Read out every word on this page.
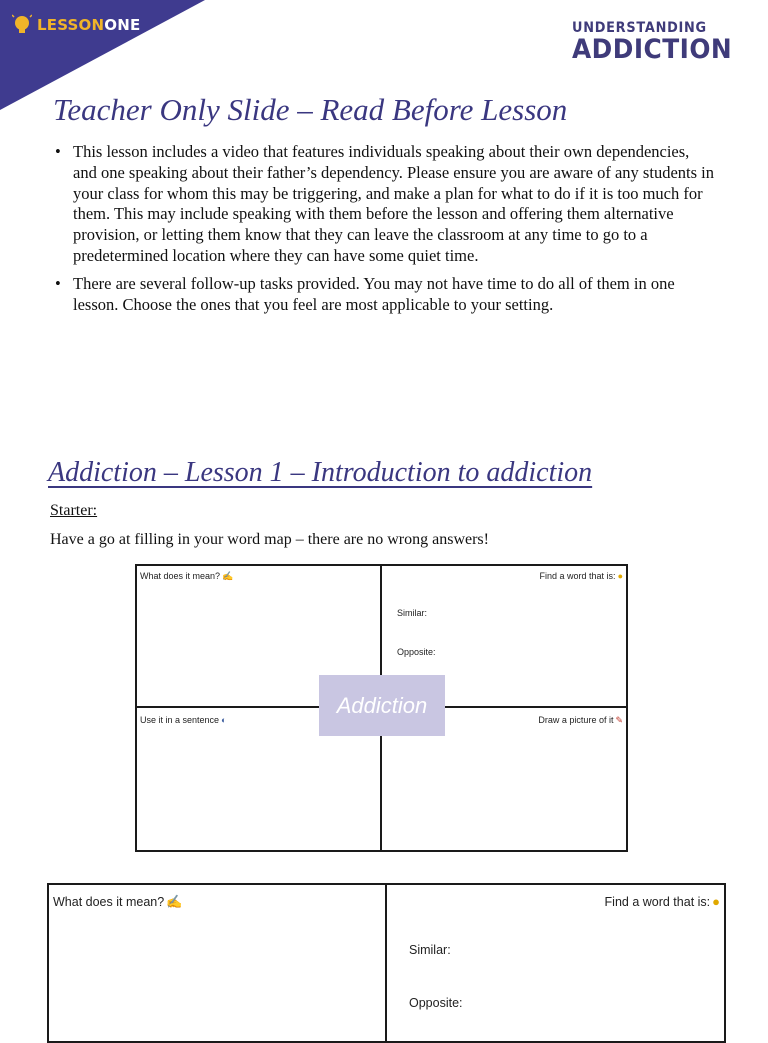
LESSONONE	UNDERSTANDING
ADDICTION
Teacher Only Slide – Read Before Lesson
• This lesson includes a video that features individuals speaking about their own dependencies, and one speaking about their father’s dependency. Please ensure you are aware of any students in your class for whom this may be triggering, and make a plan for what to do if it is too much for them. This may include speaking with them before the lesson and offering them alternative provision, or letting them know that they can leave the classroom at any time to go to a predetermined location where they can have some quiet time.
• There are several follow-up tasks provided. You may not have time to do all of them in one lesson. Choose the ones that you feel are most applicable to your setting.
Addiction – Lesson 1 – Introduction to addiction
Starter:
Have a go at filling in your word map – there are no wrong answers!
What does it mean? ✍	Find a word that is: ●
Similar:
Opposite:
Use it in a sentence ◐	Draw a picture of it ✎
Addiction
What does it mean? ✍	Find a word that is: ●
Similar:
Opposite:
